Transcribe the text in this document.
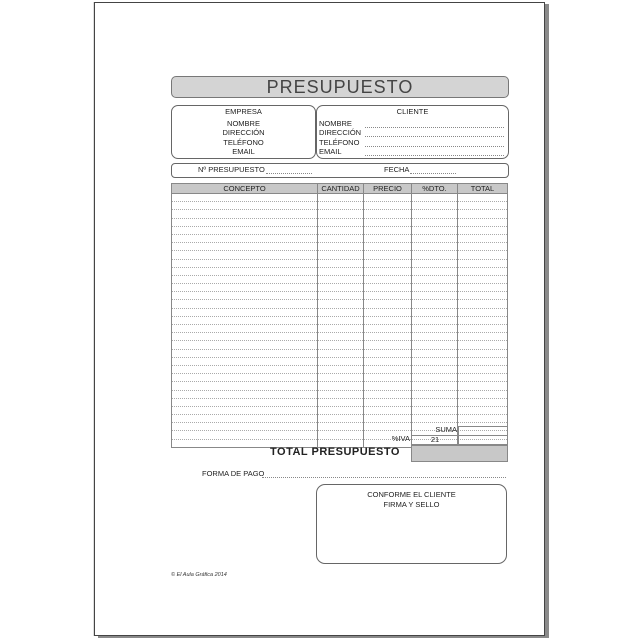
PRESUPUESTO
EMPRESA
NOMBRE
DIRECCIÓN
TELÉFONO
EMAIL
CLIENTE
NOMBRE
DIRECCIÓN
TELÉFONO
EMAIL
Nº PRESUPUESTO	FECHA
CONCEPTO	CANTIDAD	PRECIO	%DTO.	TOTAL

SUMA
%IVA	21
TOTAL PRESUPUESTO
FORMA DE PAGO
CONFORME EL CLIENTE
FIRMA Y SELLO
© El Aula Gráfica 2014
